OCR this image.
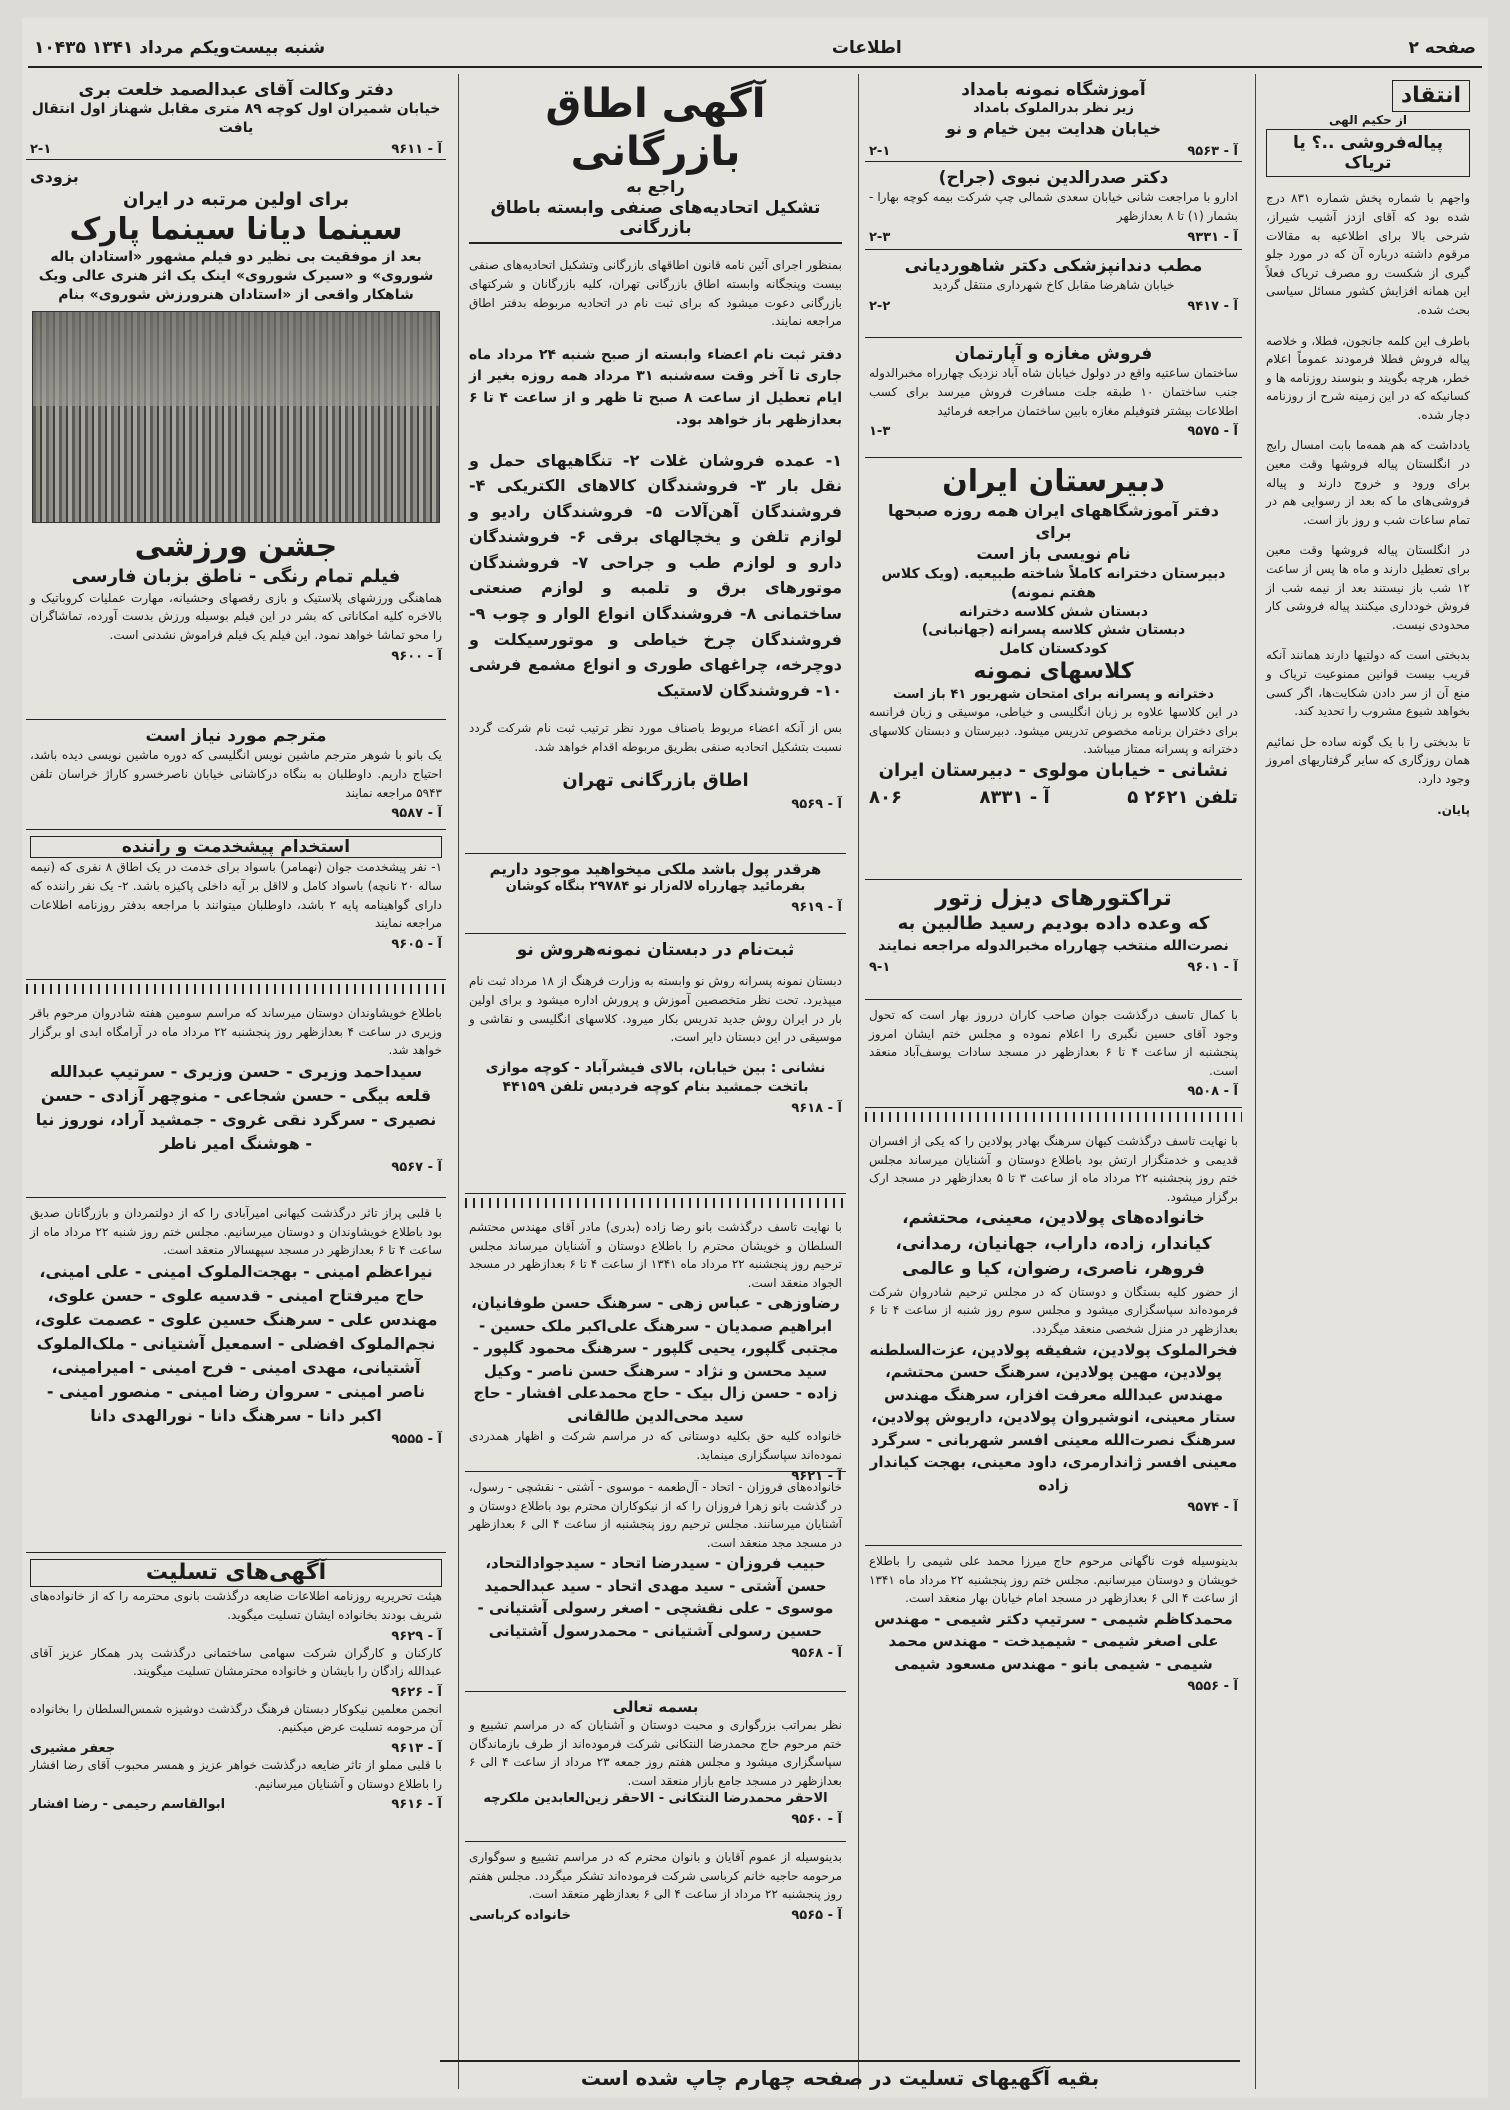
صفحه ۲
اطلاعات
شنبه بیست‌و‌یکم مرداد ۱۳۴۱ ۱۰۴۳۵
انتقاد
از حکیم الهی
پیاله‌فروشی ..؟ یا تریاک

واجهم با شماره پخش شماره ۸۳۱ درج شده بود که آقای ازدز آشیب شیراز، شرحی بالا برای اطلاعیه به مقالات مرقوم داشته درباره آن که در مورد جلو گیری از شکست رو مصرف تریاک فعلاً این همانه افزایش کشور مسائل سیاسی بحث شده.

باطرف این کلمه جانجون، فطلا، و خلاصه پیاله فروش فطلا فرمودند عموماً اعلام خطر، هرچه بگویند و بنوسند روزنامه ها و کسانیکه که در این زمینه شرح از روزنامه دچار شده.

یادداشت که هم همه‌ما بابت امسال رایج در انگلستان پیاله فروشها وقت معین برای ورود و خروج دارند و پیاله فروشی‌های ما که بعد از رسوایی هم در تمام ساعات شب و روز باز است.

در انگلستان پیاله فروشها وقت معین برای تعطیل دارند و ماه ها پس از ساعت ۱۲ شب باز نیستند بعد از نیمه شب از فروش خودداری میکنند پیاله فروشی کار محدودی نیست.

بدبختی است که دولتیها دارند همانند آنکه قریب بیست قوانین ممنوعیت تریاک و منع آن از سر دادن شکایت‌ها، اگر کسی بخواهد شیوع مشروب را تحدید کند.

تا بدبختی را با یک گونه ساده حل نمائیم همان روزگاری که سایر گرفتاریهای امروز وجود دارد.

پایان.

آموزشگاه نمونه بامداد
زیر نظر بدرالملوک بامداد
خیابان هدایت بین خیام و نو
آ - ۹۵۶۳
۲-۱
دکتر صدرالدین نبوی (جراح)
ادارو با مراجعت شانی خیابان سعدی شمالی چپ شرکت بیمه کوچه بهارا - بشمار (۱) تا ۸ بعدازظهر
آ - ۹۳۳۱
۲-۳
مطب دندانپزشکی دکتر شاهوردیانی
خیابان شاهرضا مقابل کاخ شهرداری منتقل گردید
آ - ۹۴۱۷
۲-۲
فروش مغازه و آپارتمان
ساختمان ساعتیه واقع در دولول خیابان شاه آباد نزدیک چهارراه مخبرالدوله جنب ساختمان ۱۰ طبقه جلت مسافرت فروش میرسد برای کسب اطلاعات بیشتر فتوفیلم مغازه بابین ساختمان مراجعه فرمائید
آ - ۹۵۷۵
۱-۳
دبیرستان ایران
دفتر آموزشگاههای ایران همه روزه صبحها برای
نام نویسی باز است
دبیرستان دخترانه کاملاً شاخته طبیعیه. (ویک کلاس هفتم نمونه)
دبستان شش کلاسه دخترانه
دبستان شش کلاسه پسرانه (جهانبانی)
کودکستان کامل
کلاسهای نمونه
دخترانه و پسرانه برای امتحان شهریور ۴۱ باز است
در این کلاسها علاوه بر زبان انگلیسی و خیاطی، موسیقی و زبان فرانسه برای دختران برنامه مخصوص تدریس میشود. دبیرستان و دبستان کلاسهای دخترانه و پسرانه ممتاز میباشد.
نشانی - خیابان مولوی - دبیرستان ایران
تلفن ۲۶۲۱ ۵
آ - ۸۳۳۱
۸۰۶
تراکتورهای دیزل زتور
که وعده داده بودیم رسید طالبین به
نصرت‌الله منتخب چهارراه مخبرالدوله مراجعه نمایند
آ - ۹۶۰۱
۹-۱
با کمال تاسف درگذشت جوان صاحب کاران درروز بهار است که تحول وجود آقای حسین نگبری را اعلام نموده و مجلس ختم ایشان امروز پنجشنبه از ساعت ۴ تا ۶ بعدازظهر در مسجد سادات یوسف‌آباد منعقد است.
آ - ۹۵۰۸
با نهایت تاسف درگذشت کیهان سرهنگ بهادر پولادین را که یکی از افسران قدیمی و خدمتگزار ارتش بود باطلاع دوستان و آشنایان میرساند مجلس ختم روز پنجشنبه ۲۲ مرداد ماه از ساعت ۳ تا ۵ بعدازظهر در مسجد ارک برگزار میشود.
خانواده‌های پولادین، معینی، محتشم، کیاندار، زاده، داراب، جهانیان، رمدانی، فروهر، ناصری، رضوان، کیا و عالمی
از حضور کلیه بستگان و دوستان که در مجلس ترحیم شادروان شرکت فرموده‌اند سپاسگزاری میشود و مجلس سوم روز شنبه از ساعت ۴ تا ۶ بعدازظهر در منزل شخصی منعقد میگردد.
فخرالملوک پولادین، شفیقه پولادین، عزت‌السلطنه پولادین، مهین پولادین، سرهنگ حسن محتشم، مهندس عبدالله معرفت افزار، سرهنگ مهندس ستار معینی، انوشیروان پولادین، داریوش پولادین، سرهنگ نصرت‌الله معینی افسر شهربانی - سرگرد معینی افسر ژاندارمری، داود معینی، بهجت کیاندار زاده
آ - ۹۵۷۴
بدینوسیله فوت ناگهانی مرحوم حاج میرزا محمد علی شیمی را باطلاع خویشان و دوستان میرسانیم. مجلس ختم روز پنجشنبه ۲۲ مرداد ماه ۱۳۴۱ از ساعت ۴ الی ۶ بعدازظهر در مسجد امام خیابان بهار منعقد است.
محمدکاظم شیمی - سرتیپ دکتر شیمی - مهندس علی اصغر شیمی - شیمیدخت - مهندس محمد شیمی - شیمی بانو - مهندس مسعود شیمی
آ - ۹۵۵۶
آگهی اطاق بازرگانی
راجع به
تشکیل اتحادیه‌های صنفی وابسته باطاق بازرگانی

بمنظور اجرای آئین نامه قانون اطاقهای بازرگانی وتشکیل اتحادیه‌های صنفی بیست وپنجگانه وابسته اطاق بازرگانی تهران، کلیه بازرگانان و شرکتهای بازرگانی دعوت میشود که برای ثبت نام در اتحادیه مربوطه بدفتر اطاق مراجعه نمایند.

دفتر ثبت نام اعضاء وابسته از صبح شنبه ۲۴ مرداد ماه جاری تا آخر وقت سه‌شنبه ۳۱ مرداد همه روزه بغیر از ایام تعطیل از ساعت ۸ صبح تا ظهر و از ساعت ۴ تا ۶ بعدازظهر باز خواهد بود.

۱- عمده فروشان غلات ۲- تنگاهیهای حمل و نقل بار ۳- فروشندگان کالاهای الکتریکی ۴- فروشندگان آهن‌آلات ۵- فروشندگان رادیو و لوازم تلفن و یخچالهای برقی ۶- فروشندگان دارو و لوازم طب و جراحی ۷- فروشندگان موتورهای برق و تلمبه و لوازم صنعتی ساختمانی ۸- فروشندگان انواع الوار و چوب ۹- فروشندگان چرخ خیاطی و موتورسیکلت و دوچرخه، چراغهای طوری و انواع مشمع فرشی ۱۰- فروشندگان لاستیک

بس از آنکه اعضاء مربوط باصناف مورد نظر ترتیب ثبت نام شرکت گردد نسبت بتشکیل اتحادیه صنفی بطریق مربوطه اقدام خواهد شد.

اطاق بازرگانی تهران
آ - ۹۵۶۹
هرقدر پول باشد ملکی میخواهید موجود داریم
بفرمائید چهارراه لاله‌زار نو ۲۹۷۸۴ بنگاه کوشان
آ - ۹۶۱۹
ثبت‌نام در دبستان نمونه‌هروش نو

دبستان نمونه پسرانه روش نو وابسته به وزارت فرهنگ از ۱۸ مرداد ثبت نام میپذیرد. تحت نظر متخصصین آموزش و پرورش اداره میشود و برای اولین بار در ایران روش جدید تدریس بکار میرود. کلاسهای انگلیسی و نقاشی و موسیقی در این دبستان دایر است.

نشانی : بین خیابان، بالای فیشرآباد - کوچه موازی باتخت جمشید بنام کوچه فردیس تلفن ۴۴۱۵۹
آ - ۹۶۱۸
با نهایت تاسف درگذشت بانو رضا زاده (بدری) مادر آقای مهندس محتشم السلطان و خویشان محترم را باطلاع دوستان و آشنایان میرساند مجلس ترحیم روز پنجشنبه ۲۲ مرداد ماه ۱۳۴۱ از ساعت ۴ تا ۶ بعدازظهر در مسجد الجواد منعقد است.
رضاوزهی - عباس زهی - سرهنگ حسن طوفانیان، ابراهیم صمدیان - سرهنگ علی‌اکبر ملک حسین - مجتبی گلپور، یحیی گلپور - سرهنگ محمود گلپور - سید محسن و نژاد - سرهنگ حسن ناصر - وکیل زاده - حسن زال بیک - حاج محمدعلی افشار - حاج سید محی‌الدین طالقانی
خانواده کلیه حق بکلیه دوستانی که در مراسم شرکت و اظهار همدردی نموده‌اند سپاسگزاری مینماید.
آ - ۹۶۲۱
خانواده‌های فروزان - اتحاد - آل‌طعمه - موسوی - آشتی - نقشچی - رسول، در گذشت بانو زهرا فروزان را که از نیکوکاران محترم بود باطلاع دوستان و آشنایان میرسانند. مجلس ترحیم روز پنجشنبه از ساعت ۴ الی ۶ بعدازظهر در مسجد مجد منعقد است.
حبیب فروزان - سیدرضا اتحاد - سیدجوادالتحاد، حسن آشتی - سید مهدی اتحاد - سید عبدالحمید موسوی - علی نقشچی - اصغر رسولی آشتیانی - حسین رسولی آشتیانی - محمدرسول آشتیانی
آ - ۹۵۶۸
بسمه تعالی
نظر بمراتب بزرگواری و محبت دوستان و آشنایان که در مراسم تشییع و ختم مرحوم حاج محمدرضا النتکانی شرکت فرموده‌اند از طرف بازماندگان سپاسگزاری میشود و مجلس هفتم روز جمعه ۲۳ مرداد از ساعت ۴ الی ۶ بعدازظهر در مسجد جامع بازار منعقد است.
الاحقر محمدرضا النتکانی - الاحقر زین‌العابدین ملکرچه
آ - ۹۵۶۰
بدینوسیله از عموم آقایان و بانوان محترم که در مراسم تشییع و سوگواری مرحومه حاجیه خانم کرباسی شرکت فرموده‌اند تشکر میگردد. مجلس هفتم روز پنجشنبه ۲۲ مرداد از ساعت ۴ الی ۶ بعدازظهر منعقد است.
آ - ۹۵۶۵
خانواده کرباسی
دفتر وکالت آقای عبدالصمد خلعت بری
خیابان شمیران اول کوچه ۸۹ متری مقابل شهناز اول انتقال یافت
آ - ۹۶۱۱
۲-۱
بزودی
برای اولین مرتبه در ایران
سینما دیانا سینما پارک
بعد از موفقیت بی نظیر دو فیلم مشهور «استادان باله شوروی» و «سیرک شوروی» اینک یک اثر هنری عالی ویک شاهکار واقعی از «استادان هنرورزش شوروی» بنام
جشن ورزشی
فیلم تمام رنگی - ناطق بزبان فارسی
هماهنگی ورزشهای پلاستیک و بازی رقصهای وحشیانه، مهارت عملیات کروباتیک و بالاخره کلیه امکاناتی که بشر در این فیلم بوسیله ورزش بدست آورده، تماشاگران را محو تماشا خواهد نمود. این فیلم یک فیلم فراموش نشدنی است.
آ - ۹۶۰۰
مترجم مورد نیاز است
یک بانو با شوهر مترجم ماشین نویس انگلیسی که دوره ماشین نویسی دیده باشد، احتیاج داریم. داوطلبان به بنگاه درکاشانی خیابان ناصرخسرو کاراژ خراسان تلفن ۵۹۴۳ مراجعه نمایند
آ - ۹۵۸۷
استخدام پیشخدمت و راننده
۱- نفر پیشخدمت جوان (نهمامر) باسواد برای خدمت در یک اطاق ۸ نفری که (نیمه ساله ۲۰ نانچه) باسواد کامل و لااقل بر آیه داخلی پاکیزه باشد. ۲- یک نفر راننده که دارای گواهینامه پایه ۲ باشد، داوطلبان میتوانند با مراجعه بدفتر روزنامه اطلاعات مراجعه نمایند
آ - ۹۶۰۵
باطلاع خویشاوندان دوستان میرساند که مراسم سومین هفته شادروان مرحوم باقر وزیری در ساعت ۴ بعدازظهر روز پنجشنبه ۲۲ مرداد ماه در آرامگاه ابدی او برگزار خواهد شد.
سیداحمد وزیری - حسن وزیری - سرتیپ عبدالله قلعه بیگی - حسن شجاعی - منوچهر آزادی - حسن نصیری - سرگرد نقی غروی - جمشید آراد، نوروز نیا - هوشنگ امیر ناطر
آ - ۹۵۶۷
با قلبی پراز تاثر درگذشت کیهانی امیرآبادی را که از دولتمردان و بازرگانان صدیق بود باطلاع خویشاوندان و دوستان میرسانیم. مجلس ختم روز شنبه ۲۲ مرداد ماه از ساعت ۴ تا ۶ بعدازظهر در مسجد سپهسالار منعقد است.
نیراعظم امینی - بهجت‌الملوک امینی - علی امینی، حاج میرفتاح امینی - قدسیه علوی - حسن علوی، مهندس علی - سرهنگ حسین علوی - عصمت علوی، نجم‌الملوک افضلی - اسمعیل آشتیانی - ملک‌الملوک آشتیانی، مهدی امینی - فرح امینی - امیرامینی، ناصر امینی - سروان رضا امینی - منصور امینی - اکبر دانا - سرهنگ دانا - نورالهدی دانا
آ - ۹۵۵۵
آگهی‌های تسلیت
هیئت تحریریه روزنامه اطلاعات ضایعه درگذشت بانوی محترمه را که از خانواده‌های شریف بودند بخانواده ایشان تسلیت میگوید.
آ - ۹۶۲۹
کارکنان و کارگران شرکت سهامی ساختمانی درگذشت پدر همکار عزیز آقای عبدالله زادگان را بایشان و خانواده محترمشان تسلیت میگویند.
آ - ۹۶۲۶
انجمن معلمین نیکوکار دبستان فرهنگ درگذشت دوشیزه شمس‌السلطان را بخانواده آن مرحومه تسلیت عرض میکنیم.
آ - ۹۶۱۳
جعفر مشیری
با قلبی مملو از تاثر ضایعه درگذشت خواهر عزیز و همسر محبوب آقای رضا افشار را باطلاع دوستان و آشنایان میرسانیم.
آ - ۹۶۱۶
ابوالقاسم رحیمی - رضا افشار
بقیه آگهیهای تسلیت در صفحه چهارم چاپ شده است
